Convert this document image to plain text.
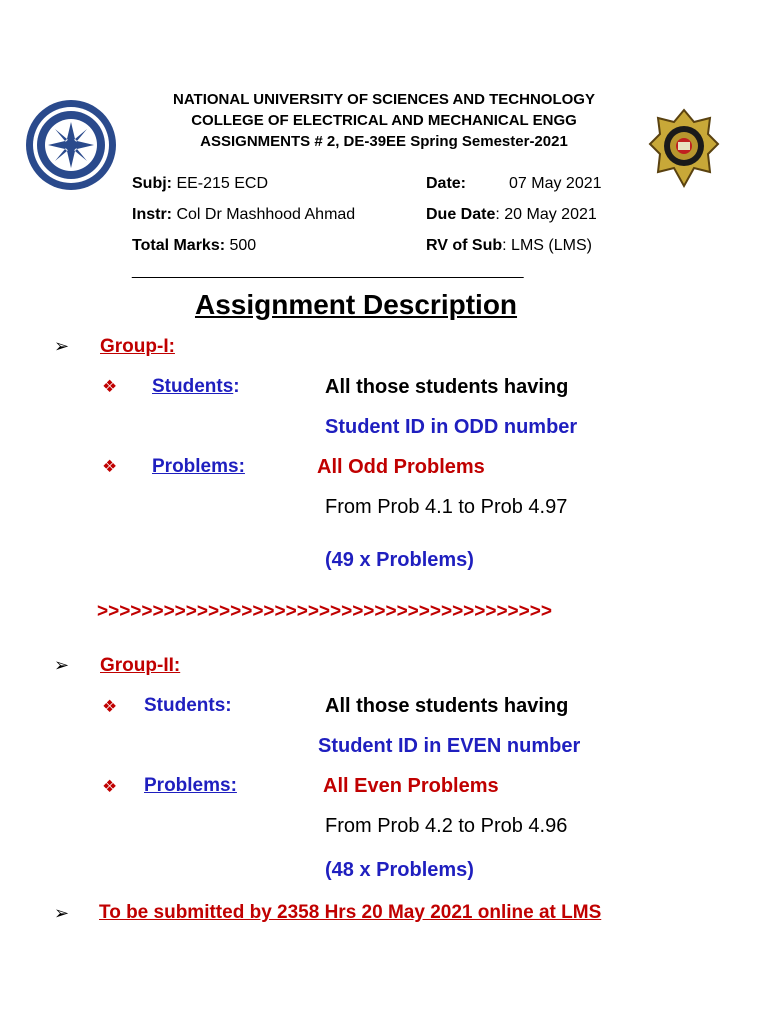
NATIONAL UNIVERSITY OF SCIENCES AND TECHNOLOGY
COLLEGE OF ELECTRICAL AND MECHANICAL ENGG
ASSIGNMENTS # 2, DE-39EE Spring Semester-2021
Subj: EE-215 ECD	Date:	07 May 2021
Instr: Col Dr Mashhood Ahmad	Due Date: 20 May 2021
Total Marks: 500	RV of Sub: LMS (LMS)
____________________________________________
Assignment Description
➢ Group-I:
❖ Students:	All those students having
Student ID in ODD number
❖ Problems:	All Odd Problems
From Prob 4.1 to Prob 4.97
(49 x Problems)
>>>>>>>>>>>>>>>>>>>>>>>>>>>>>>>>>>>>>>>>>
➢ Group-II:
❖ Students:	All those students having
Student ID in EVEN number
❖ Problems:	All Even Problems
From Prob 4.2 to Prob 4.96
(48 x Problems)
➢ To be submitted by 2358 Hrs 20 May 2021 online at LMS
